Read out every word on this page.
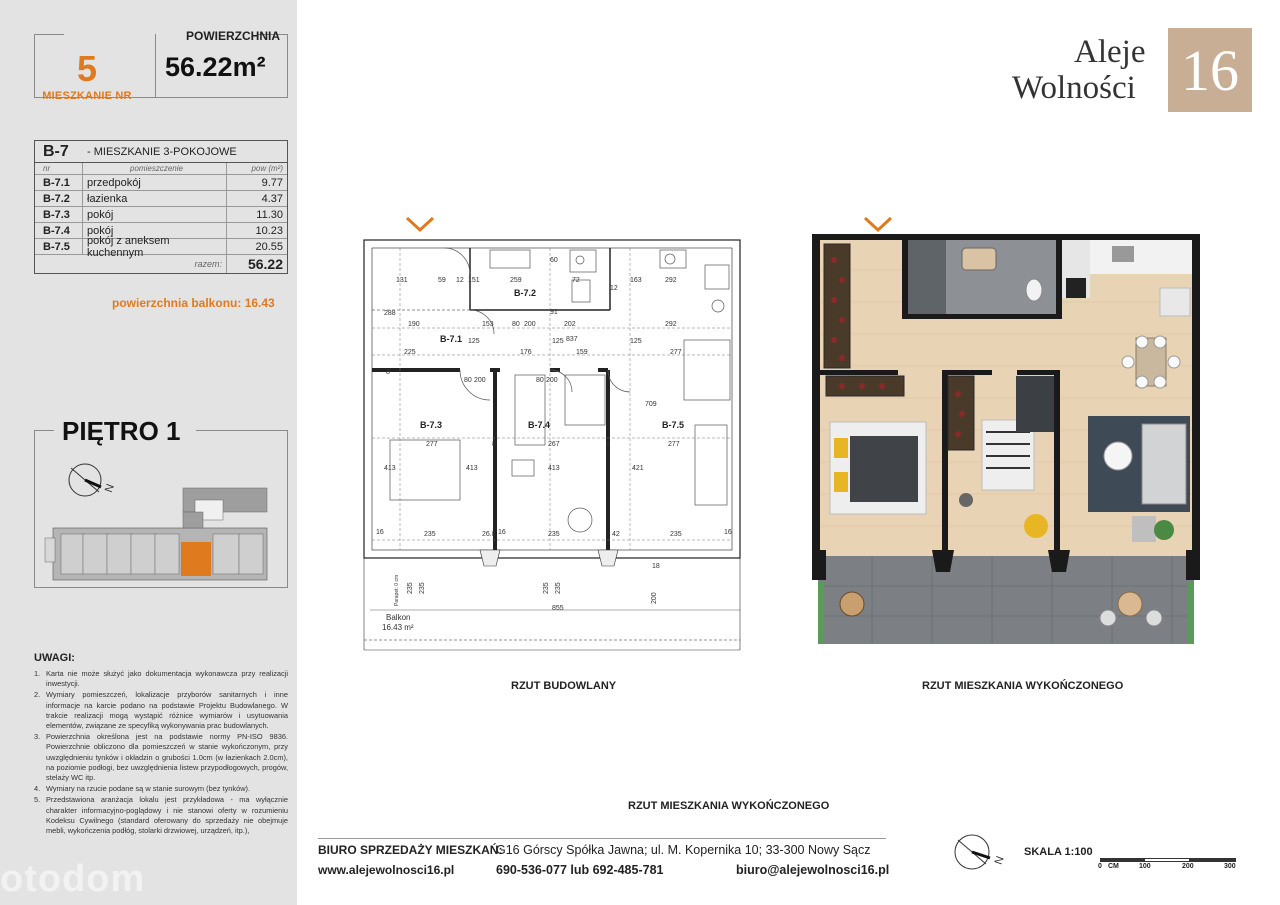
5
MIESZKANIE NR
POWIERZCHNIA
56.22m²
B-7	- MIESZKANIE 3-POKOJOWE
nr	pomieszczenie	pow (m²)
B-7.1	przedpokój	9.77
B-7.2	łazienka	4.37
B-7.3	pokój	11.30
B-7.4	pokój	10.23
B-7.5	pokój z aneksem kuchennym	20.55
razem:	56.22
powierzchnia balkonu: 16.43
PIĘTRO 1
N
UWAGI:
1. Karta nie może służyć jako dokumentacja wykonawcza przy realizacji inwestycji.
2. Wymiary pomieszczeń, lokalizacje przyborów sanitarnych i inne informacje na karcie podano na podstawie Projektu Budowlanego. W trakcie realizacji mogą wystąpić różnice wymiarów i usytuowania elementów, związane ze specyfiką wykonywania prac budowlanych.
3. Powierzchnia określona jest na podstawie normy PN-ISO 9836. Powierzchnie obliczono dla pomieszczeń w stanie wykończonym, przy uwzględnieniu tynków i okładzin o grubości 1.0cm (w łazienkach 2.0cm), na poziomie podłogi, bez uwzględnienia listew przypodłogowych, progów, stelaży WC itp.
4. Wymiary na rzucie podane są w stanie surowym (bez tynków).
5. Przedstawiona aranżacja lokalu jest przykładowa - ma wyłącznie charakter informacyjno-poglądowy i nie stanowi oferty w rozumieniu Kodeksu Cywilnego (standard oferowany do sprzedaży nie obejmuje mebli, wykończenia podłóg, stolarki drzwiowej, urządzeń, itp.),
Aleje
Wolności 16
B-7.1
B-7.2
B-7.3	B-7.4	B-7.5
131	59 12 151	259
60
72
12
163	292
288
190	153	80 200	202	292
225	176
837
159	277
125	125	125
91
8
80 200	80 200
709
277	8	267	8	277
413	413	413	421
16	235	26.8 16	235	42	235	16
855
200
235 235	235 235
18
Parapet: 0 cm
Balkon
16.43 m²
RZUT BUDOWLANY	RZUT MIESZKANIA WYKOŃCZONEGO
RZUT MIESZKANIA WYKOŃCZONEGO
BIURO SPRZEDAŻY MIESZKAŃ:
www.alejewolnosci16.pl
G16 Górscy Spółka Jawna; ul. M. Kopernika 10; 33-300 Nowy Sącz
690-536-077 lub 692-485-781	biuro@alejewolnosci16.pl
N
SKALA 1:100
0 CM	100	200	300
otodom
